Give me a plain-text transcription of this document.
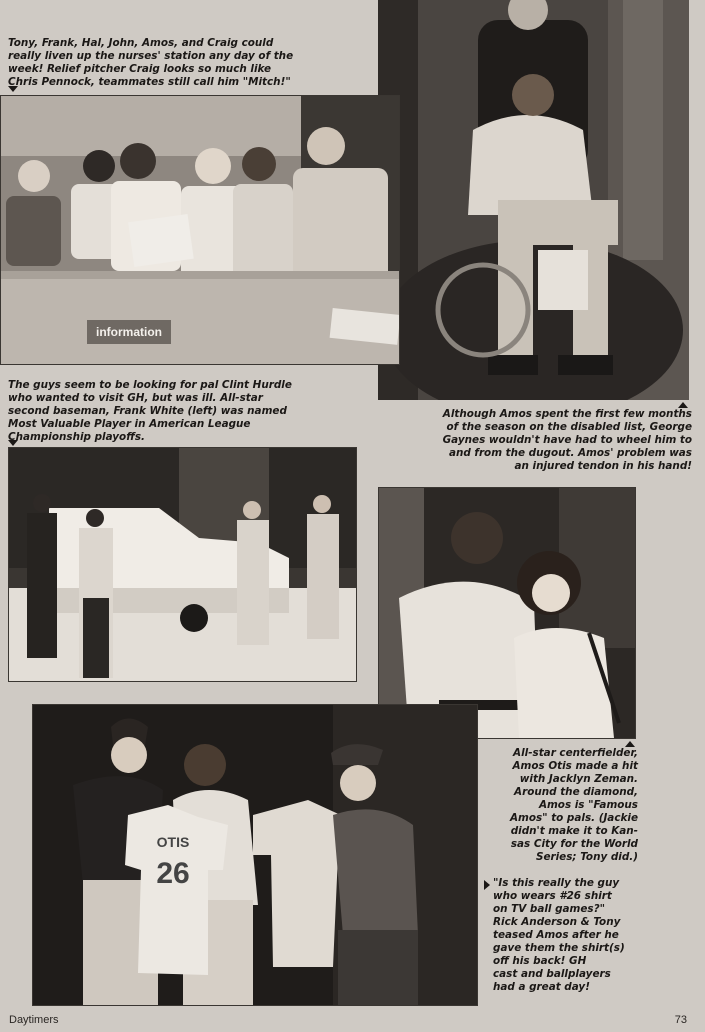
Tony, Frank, Hal, John, Amos, and Craig could
really liven up the nurses' station any day of the
week! Relief pitcher Craig looks so much like
Chris Pennock, teammates still call him "Mitch!"
information
The guys seem to be looking for pal Clint Hurdle
who wanted to visit GH, but was ill. All-star
second baseman, Frank White (left) was named
Most Valuable Player in American League
Championship playoffs.
Although Amos spent the first few months
of the season on the disabled list, George
Gaynes wouldn't have had to wheel him to
and from the dugout. Amos' problem was
an injured tendon in his hand!
OTIS
26
All-star centerfielder,
Amos Otis made a hit
with Jacklyn Zeman.
Around the diamond,
Amos is "Famous
Amos" to pals. (Jackie
didn't make it to Kan-
sas City for the World
Series; Tony did.)
"Is this really the guy
who wears #26 shirt
on TV ball games?"
Rick Anderson & Tony
teased Amos after he
gave them the shirt(s)
off his back! GH
cast and ballplayers
had a great day!
Daytimers	73
